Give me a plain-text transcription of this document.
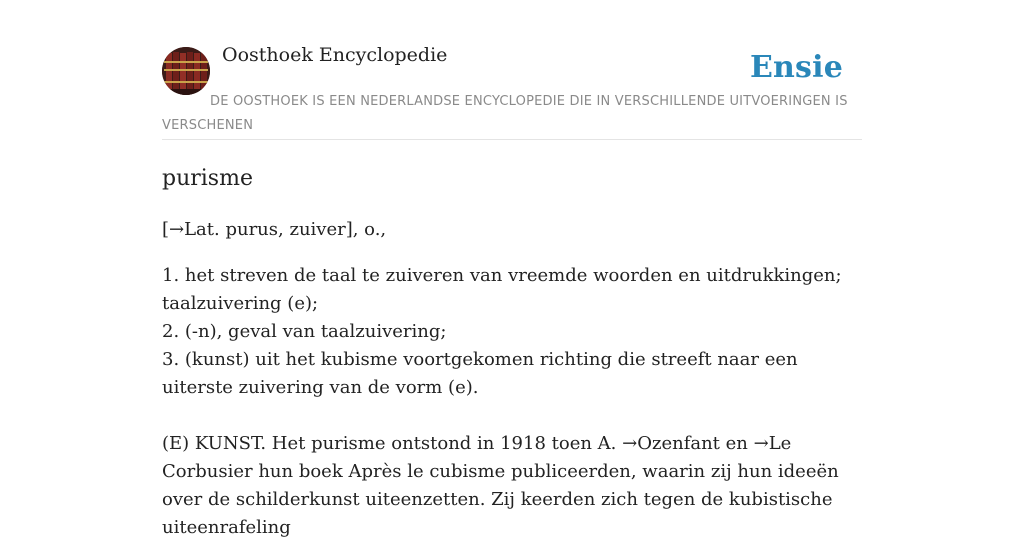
Oosthoek Encyclopedie	Ensie
DE OOSTHOEK IS EEN NEDERLANDSE ENCYCLOPEDIE DIE IN VERSCHILLENDE UITVOERINGEN IS VERSCHENEN
purisme

[→Lat. purus, zuiver], o.,

1. het streven de taal te zuiveren van vreemde woorden en uitdrukkingen; taalzuivering (e);
2. (-n), geval van taalzuivering;
3. (kunst) uit het kubisme voortgekomen richting die streeft naar een uiterste zuivering van de vorm (e).

(E) KUNST. Het purisme ontstond in 1918 toen A. →Ozenfant en →Le Corbusier hun boek Après le cubisme publiceerden, waarin zij hun ideeën over de schilderkunst uiteenzetten. Zij keerden zich tegen de kubistische uiteenrafeling
